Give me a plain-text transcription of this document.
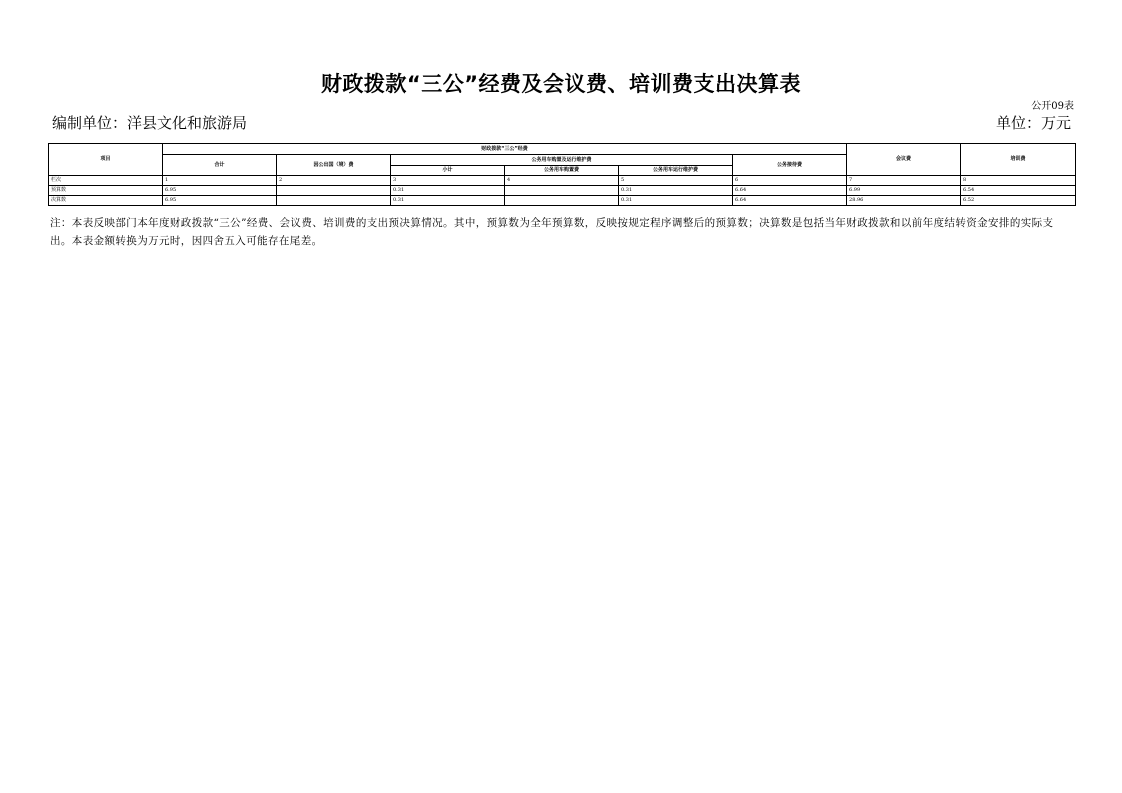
财政拨款“三公”经费及会议费、培训费支出决算表
公开09表
编制单位：洋县文化和旅游局	单位：万元
项目	财政拨款“三公”经费						会议费	培训费
	合计	因公出国（境）费	公务用车购置及运行维护费			公务接待费		
			小计	公务用车购置费	公务用车运行维护费			
栏次	1	2	3	4	5	6	7	8
预算数	6.95		0.31		0.31	6.64	6.99	6.54
决算数	6.95		0.31		0.31	6.64	28.96	6.52
注：本表反映部门本年度财政拨款“三公”经费、会议费、培训费的支出预决算情况。其中，预算数为全年预算数，反映按规定程序调整后的预算数；决算数是包括当年财政拨款和以前年度结转资金安排的实际支出。本表金额转换为万元时，因四舍五入可能存在尾差。
